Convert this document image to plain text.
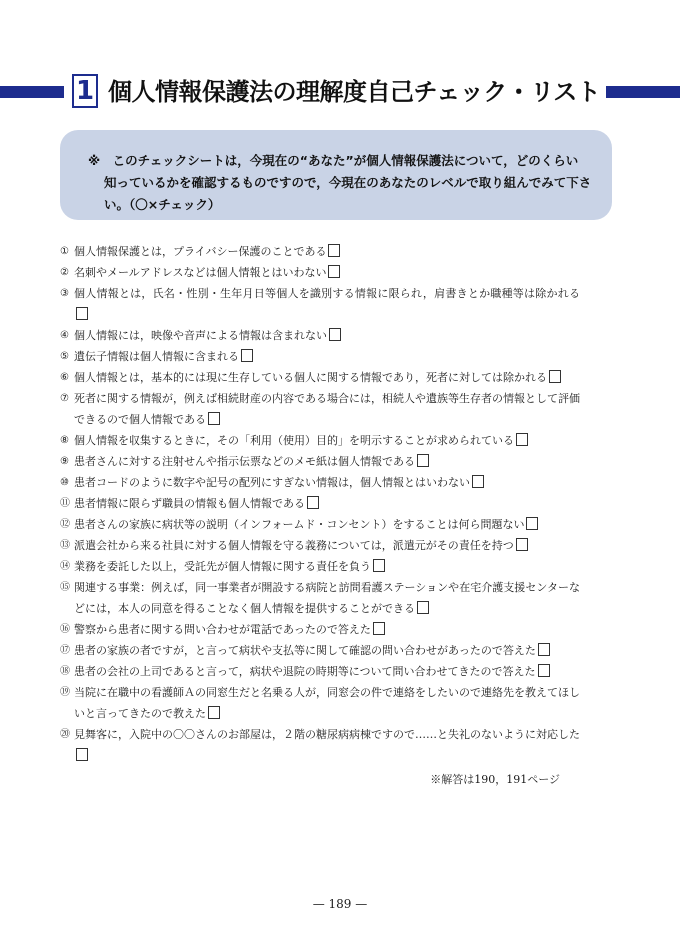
1 個人情報保護法の理解度自己チェック・リスト
※　このチェックシートは，今現在の“あなた”が個人情報保護法について，どのくらい
知っているかを確認するものですので，今現在のあなたのレベルで取り組んでみて下さ
い。（〇×チェック）
① 個人情報保護とは，プライバシー保護のことである
② 名刺やメールアドレスなどは個人情報とはいわない
③ 個人情報とは，氏名・性別・生年月日等個人を識別する情報に限られ，肩書きとか職種等は除かれる
④ 個人情報には，映像や音声による情報は含まれない
⑤ 遺伝子情報は個人情報に含まれる
⑥ 個人情報とは，基本的には現に生存している個人に関する情報であり，死者に対しては除かれる
⑦ 死者に関する情報が，例えば相続財産の内容である場合には，相続人や遺族等生存者の情報として評価できるので個人情報である
⑧ 個人情報を収集するときに，その「利用（使用）目的」を明示することが求められている
⑨ 患者さんに対する注射せんや指示伝票などのメモ紙は個人情報である
⑩ 患者コードのように数字や記号の配列にすぎない情報は，個人情報とはいわない
⑪ 患者情報に限らず職員の情報も個人情報である
⑫ 患者さんの家族に病状等の説明（インフォームド・コンセント）をすることは何ら問題ない
⑬ 派遣会社から来る社員に対する個人情報を守る義務については，派遣元がその責任を持つ
⑭ 業務を委託した以上，受託先が個人情報に関する責任を負う
⑮ 関連する事業：例えば，同一事業者が開設する病院と訪問看護ステーションや在宅介護支援センターなどには，本人の同意を得ることなく個人情報を提供することができる
⑯ 警察から患者に関する問い合わせが電話であったので答えた
⑰ 患者の家族の者ですが，と言って病状や支払等に関して確認の問い合わせがあったので答えた
⑱ 患者の会社の上司であると言って，病状や退院の時期等について問い合わせてきたので答えた
⑲ 当院に在職中の看護師Ａの同窓生だと名乗る人が，同窓会の件で連絡をしたいので連絡先を教えてほしいと言ってきたので教えた
⑳ 見舞客に，入院中の〇〇さんのお部屋は，２階の糖尿病病棟ですので……と失礼のないように対応した
※解答は190，191ページ
— 189 —
